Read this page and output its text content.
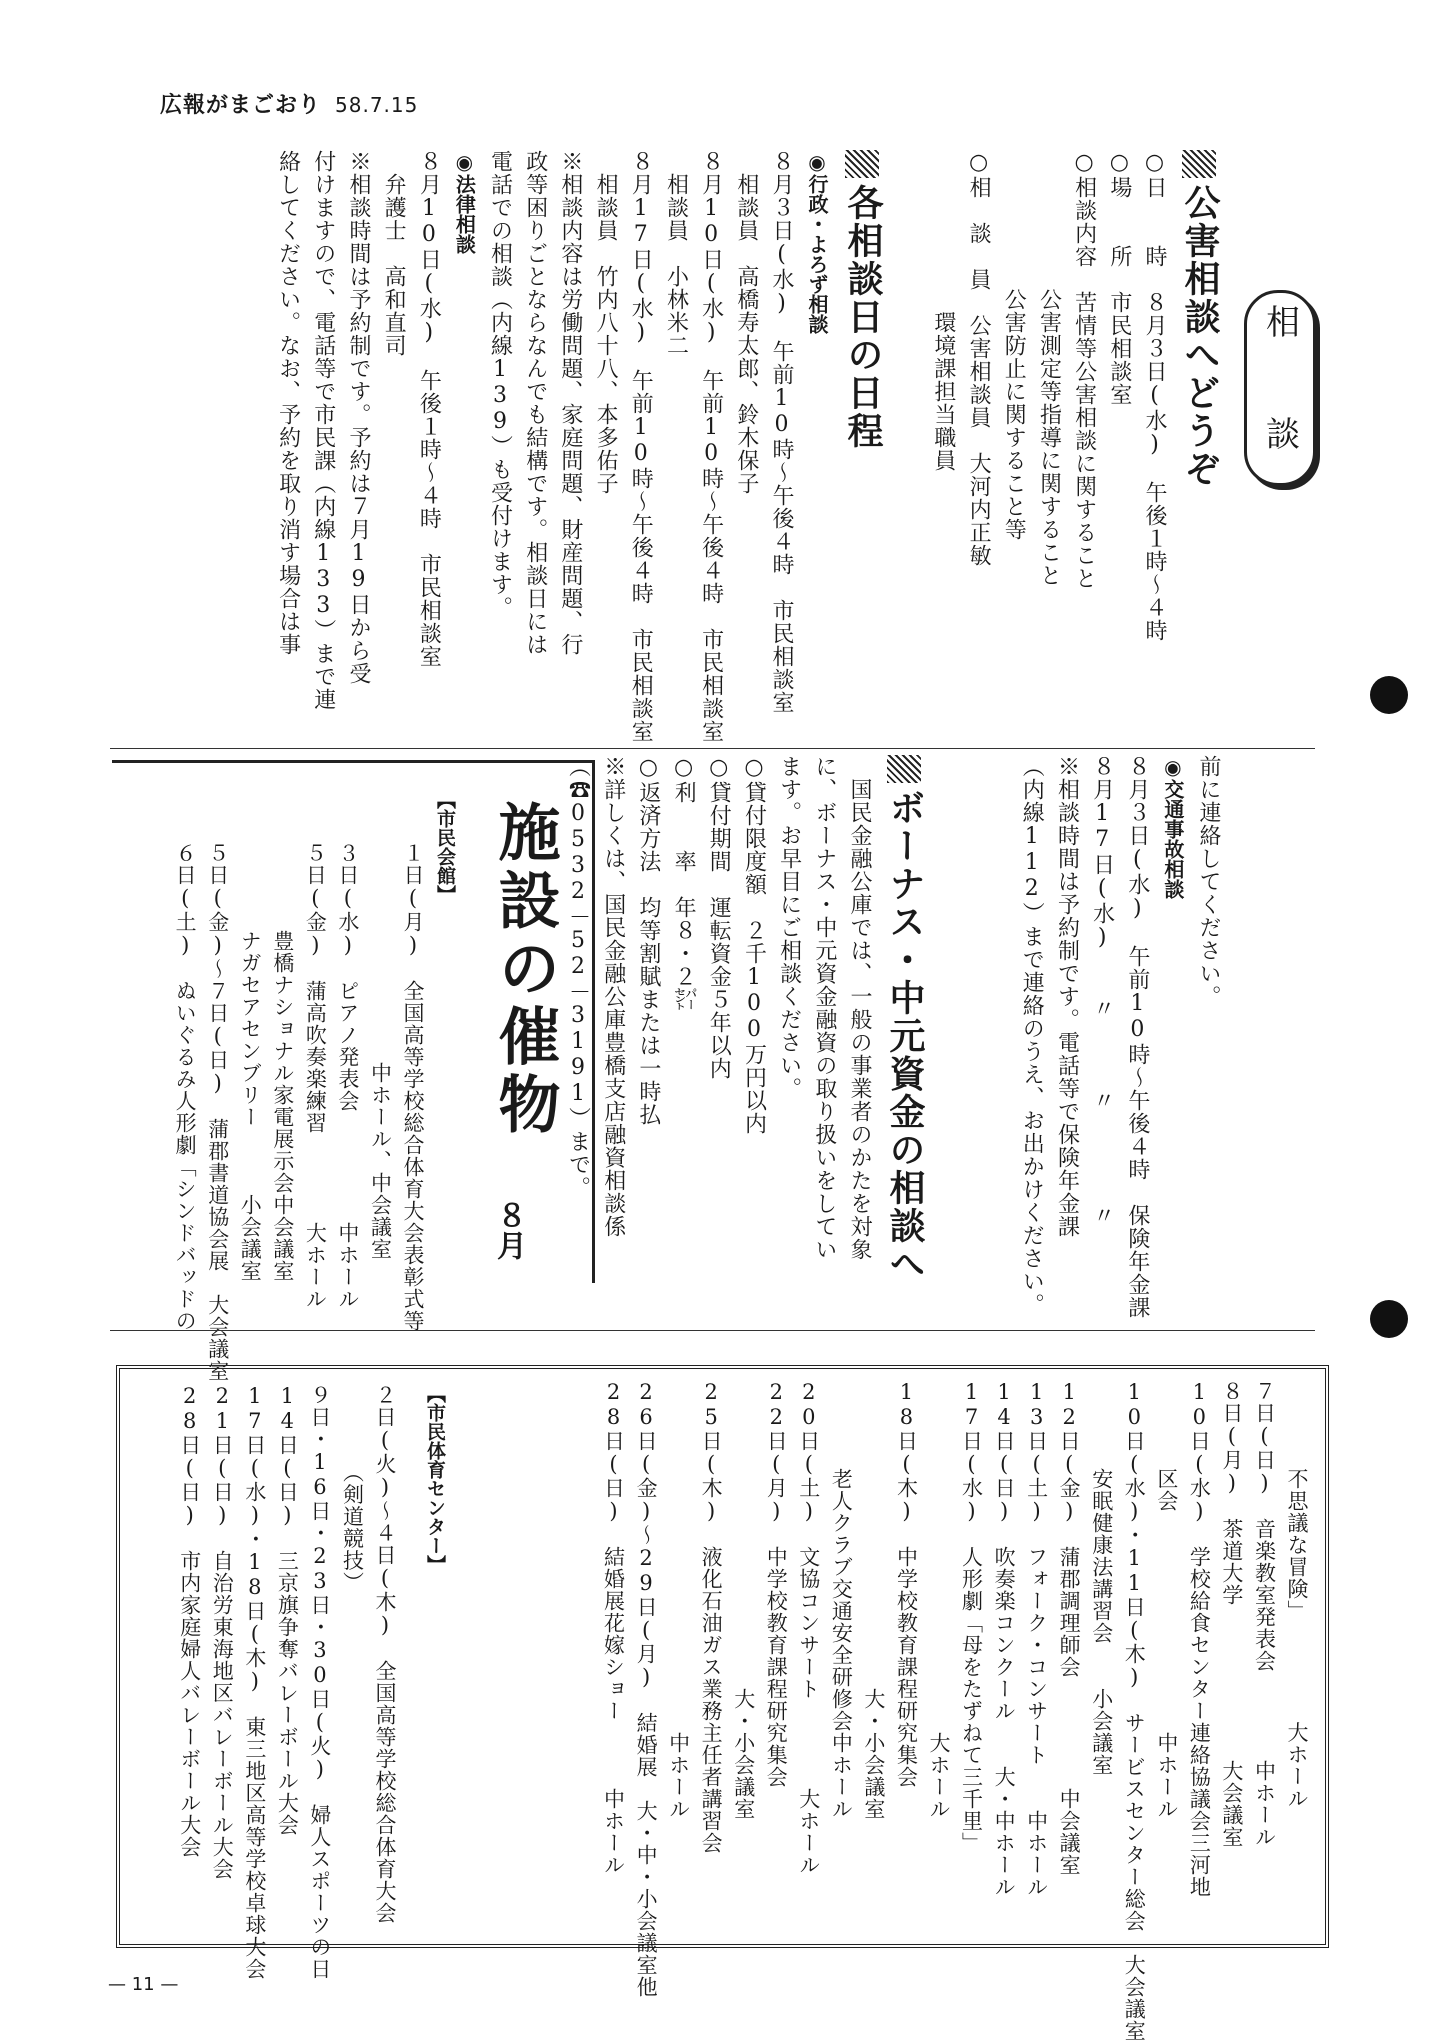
広報がまごおり 58.7.15
相　談
公害相談へどうぞ
○日　　時　８月３日(水)　午後１時〜４時
○場　　所　市民相談室
○相談内容　苦情等公害相談に関すること
　　　　　　公害測定等指導に関すること
　　　　　　公害防止に関すること等
○相　談　員　公害相談員　大河内正敏
　　　　　　　環境課担当職員
各相談日の日程
◉行政・よろず相談
８月３日(水)　午前10時〜午後４時　市民相談室
　相談員　高橋寿太郎、鈴木保子
８月10日(水)　午前10時〜午後４時　市民相談室
　相談員　小林米二
８月17日(水)　午前10時〜午後４時　市民相談室
　相談員　竹内八十八、本多佑子
※相談内容は労働問題、家庭問題、財産問題、行
政等困りごとならなんでも結構です。相談日には
電話での相談（内線139）も受付けます。
◉法律相談
８月10日(水)　午後１時〜４時　市民相談室
　弁護士　高和直司
※相談時間は予約制です。予約は７月19日から受
付けますので、電話等で市民課（内線133）まで連
絡してください。なお、予約を取り消す場合は事
前に連絡してください。
◉交通事故相談
８月３日(水)　午前10時〜午後４時　保険年金課
８月17日(水)　　〃　　　〃　　　　〃
※相談時間は予約制です。電話等で保険年金課
（内線112）まで連絡のうえ、お出かけください。
ボーナス・中元資金の相談へ
　国民金融公庫では、一般の事業者のかたを対象
に、ボーナス・中元資金融資の取り扱いをしてい
ます。お早目にご相談ください。
○貸付限度額　２千100万円以内
○貸付期間　運転資金５年以内
○利　　率　年８・２㌫
○返済方法　均等割賦または一時払
※詳しくは、国民金融公庫豊橋支店融資相談係
（☎0532－52－3191）まで。
施設の催物
８月
【市民会館】
１日(月)　全国高等学校総合体育大会表彰式等
　　　　　　　　　　中ホール、中会議室
３日(水)　ピアノ発表会　　　　　中ホール
５日(金)　蒲高吹奏楽練習　　　　大ホール
　　　　豊橋ナショナル家電展示会中会議室
　　　　ナガセアセンブリー　　　小会議室
５日(金)〜７日(日)　蒲郡書道協会展　大会議室
６日(土)　ぬいぐるみ人形劇「シンドバッドの
　　　　不思議な冒険」　　　　　大ホール
７日(日)　音楽教室発表会　　　　中ホール
８日(月)　茶道大学　　　　　　　大会議室
10日(水)　学校給食センター連絡協議会三河地
　　　　区会　　　　　　　　　　中ホール
10日(水)・11日(木)　サービスセンター総会　大会議室
　　　　安眠健康法講習会　　小会議室
12日(金)　蒲郡調理師会　　　　　中会議室
13日(土)　フォーク・コンサート　　中ホール
14日(日)　吹奏楽コンクール　　大・中ホール
17日(水)　人形劇「母をたずねて三千里」
　　　　　　　　　　　　　　　　大ホール
18日(木)　中学校教育課程研究集会
　　　　　　　　　　　　　　大・小会議室
　　　　老人クラブ交通安全研修会中ホール
20日(土)　文協コンサート　　　　大ホール
22日(月)　中学校教育課程研究集会
　　　　　　　　　　　　　　大・小会議室
25日(木)　液化石油ガス業務主任者講習会
　　　　　　　　　　　　　　　　中ホール
26日(金)〜29日(月)　結婚展　大・中・小会議室他
28日(日)　結婚展花嫁ショー　　　中ホール
【市民体育センター】
２日(火)〜４日(木)　全国高等学校総合体育大会
　　　　（剣道競技）
９日・16日・23日・30日(火)　婦人スポーツの日
14日(日)　三京旗争奪バレーボール大会
17日(水)・18日(木)　東三地区高等学校卓球大会
21日(日)　自治労東海地区バレーボール大会
28日(日)　市内家庭婦人バレーボール大会
— 11 —
